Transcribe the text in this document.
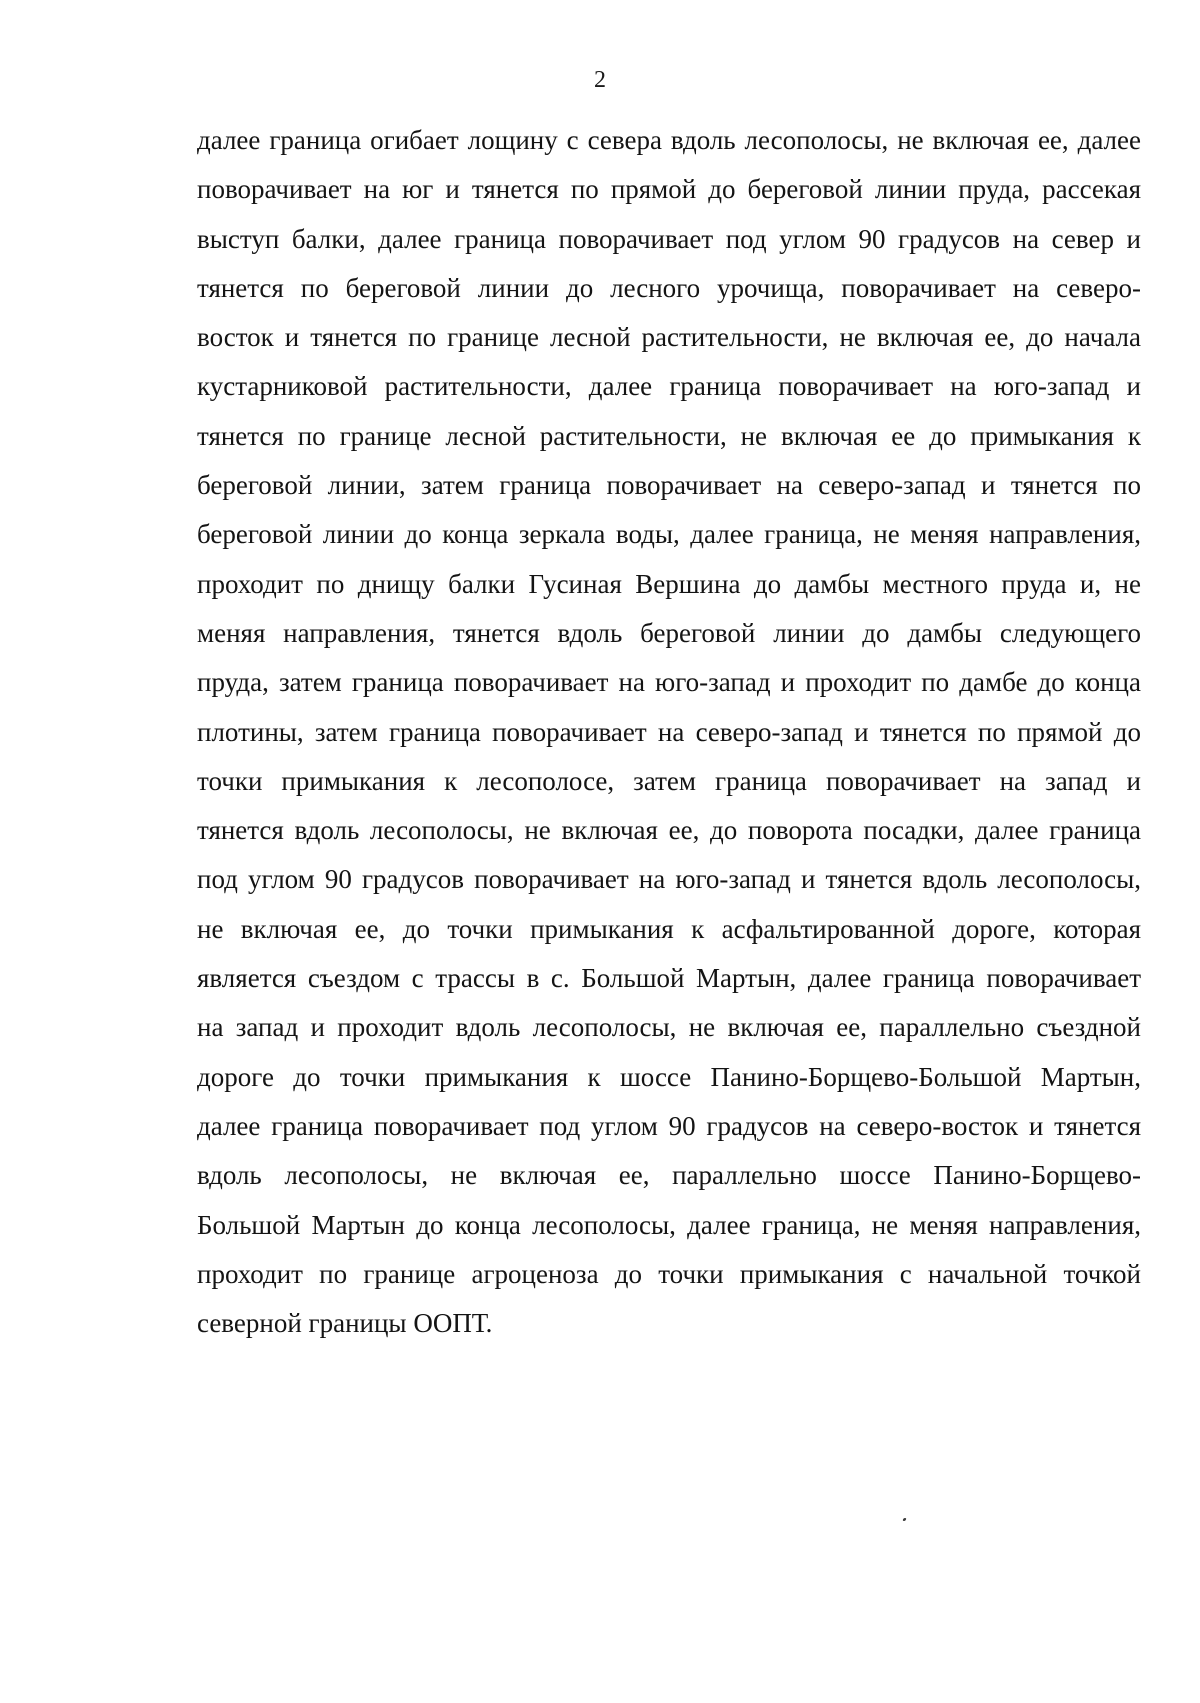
2
далее граница огибает лощину с севера вдоль лесополосы, не включая ее, далее
поворачивает на юг и тянется по прямой до береговой линии пруда, рассекая
выступ балки, далее граница поворачивает под углом 90 градусов на север и
тянется по береговой линии до лесного урочища, поворачивает на северо-
восток и тянется по границе лесной растительности, не включая ее, до начала
кустарниковой растительности, далее граница поворачивает на юго-запад и
тянется по границе лесной растительности, не включая ее до примыкания к
береговой линии, затем граница поворачивает на северо-запад и тянется по
береговой линии до конца зеркала воды, далее граница, не меняя направления,
проходит по днищу балки Гусиная Вершина до дамбы местного пруда и, не
меняя направления, тянется вдоль береговой линии до дамбы следующего
пруда, затем граница поворачивает на юго-запад и проходит по дамбе до конца
плотины, затем граница поворачивает на северо-запад и тянется по прямой до
точки примыкания к лесополосе, затем граница поворачивает на запад и
тянется вдоль лесополосы, не включая ее, до поворота посадки, далее граница
под углом 90 градусов поворачивает на юго-запад и тянется вдоль лесополосы,
не включая ее, до точки примыкания к асфальтированной дороге, которая
является съездом с трассы в с. Большой Мартын, далее граница поворачивает
на запад и проходит вдоль лесополосы, не включая ее, параллельно съездной
дороге до точки примыкания к шоссе Панино-Борщево-Большой Мартын,
далее граница поворачивает под углом 90 градусов на северо-восток и тянется
вдоль лесополосы, не включая ее, параллельно шоссе Панино-Борщево-
Большой Мартын до конца лесополосы, далее граница, не меняя направления,
проходит по границе агроценоза до точки примыкания с начальной точкой
северной границы ООПТ.
